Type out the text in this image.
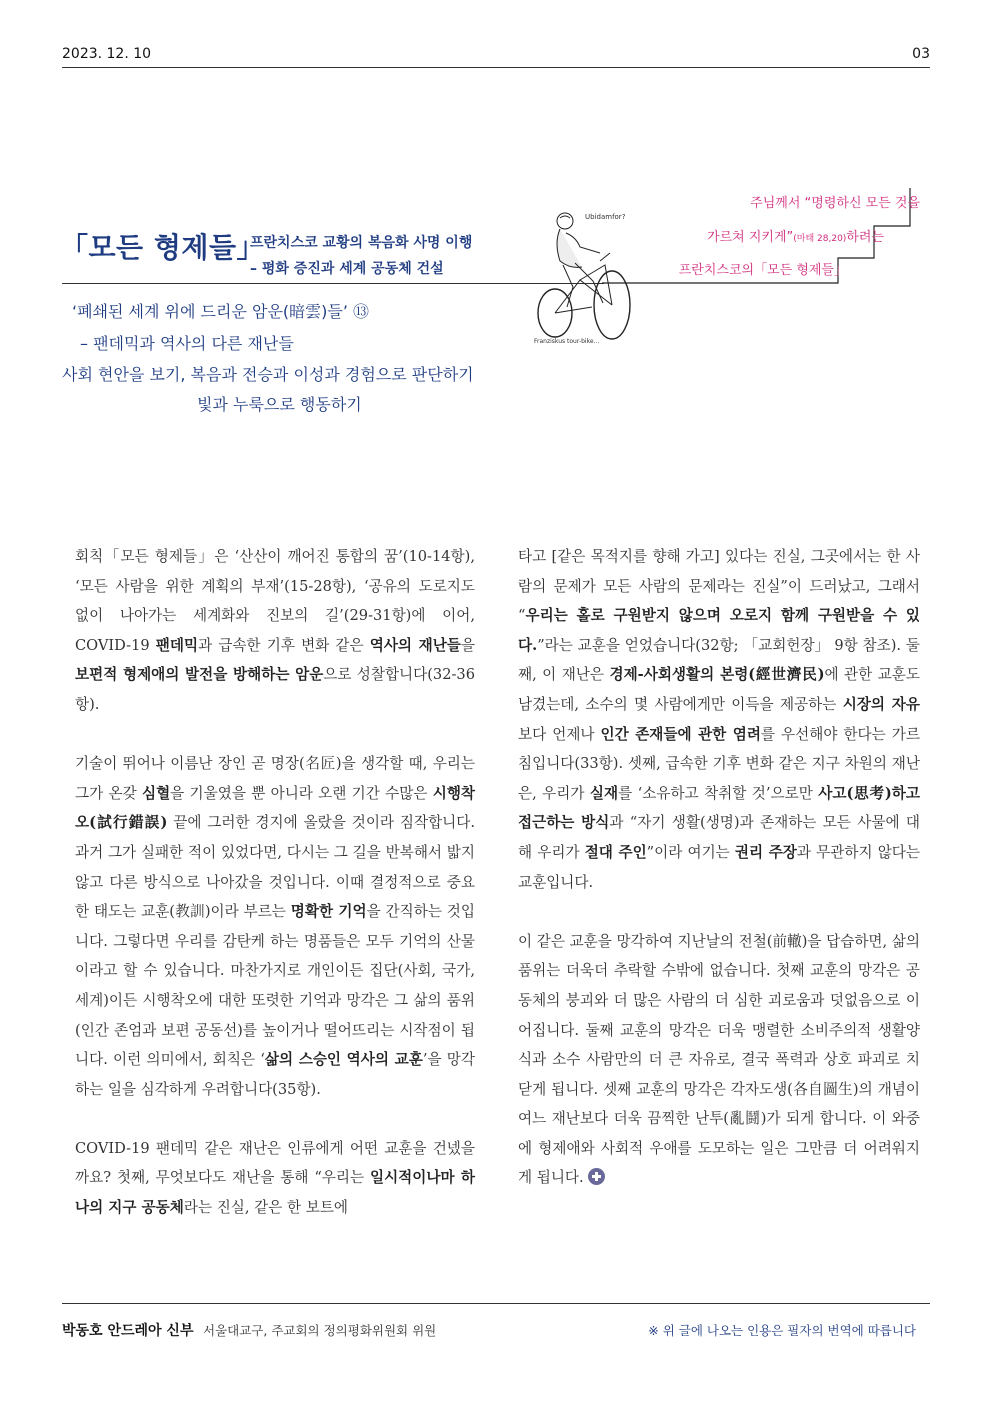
2023. 12. 10	03
「모든 형제들」
프란치스코 교황의 복음화 사명 이행
– 평화 증진과 세계 공동체 건설
주님께서 “명령하신 모든 것을
가르쳐 지키게”(마태 28,20)하려는
프란치스코의「모든 형제들」
Ubidamfor?
Franziskus tour-bike...
‘폐쇄된 세계 위에 드리운 암운(暗雲)들’ ⑬
– 팬데믹과 역사의 다른 재난들
사회 현안을 보기, 복음과 전승과 이성과 경험으로 판단하기
빛과 누룩으로 행동하기

회칙「모든 형제들」은 ‘산산이 깨어진 통합의 꿈’(10-14항), ‘모든 사람을 위한 계획의 부재’(15-28항), ‘공유의 도로지도 없이 나아가는 세계화와 진보의 길’(29-31항)에 이어, COVID-19 팬데믹과 급속한 기후 변화 같은 역사의 재난들을 보편적 형제애의 발전을 방해하는 암운으로 성찰합니다(32-36항).

기술이 뛰어나 이름난 장인 곧 명장(名匠)을 생각할 때, 우리는 그가 온갖 심혈을 기울였을 뿐 아니라 오랜 기간 수많은 시행착오(試行錯誤) 끝에 그러한 경지에 올랐을 것이라 짐작합니다. 과거 그가 실패한 적이 있었다면, 다시는 그 길을 반복해서 밟지 않고 다른 방식으로 나아갔을 것입니다. 이때 결정적으로 중요한 태도는 교훈(教訓)이라 부르는 명확한 기억을 간직하는 것입니다. 그렇다면 우리를 감탄케 하는 명품들은 모두 기억의 산물이라고 할 수 있습니다. 마찬가지로 개인이든 집단(사회, 국가, 세계)이든 시행착오에 대한 또렷한 기억과 망각은 그 삶의 품위(인간 존엄과 보편 공동선)를 높이거나 떨어뜨리는 시작점이 됩니다. 이런 의미에서, 회칙은 ‘삶의 스승인 역사의 교훈’을 망각하는 일을 심각하게 우려합니다(35항).

COVID-19 팬데믹 같은 재난은 인류에게 어떤 교훈을 건넸을까요? 첫째, 무엇보다도 재난을 통해 “우리는 일시적이나마 하나의 지구 공동체라는 진실, 같은 한 보트에

타고 [같은 목적지를 향해 가고] 있다는 진실, 그곳에서는 한 사람의 문제가 모든 사람의 문제라는 진실”이 드러났고, 그래서 “우리는 홀로 구원받지 않으며 오로지 함께 구원받을 수 있다.”라는 교훈을 얻었습니다(32항; 「교회헌장」 9항 참조). 둘째, 이 재난은 경제-사회생활의 본령(經世濟民)에 관한 교훈도 남겼는데, 소수의 몇 사람에게만 이득을 제공하는 시장의 자유보다 언제나 인간 존재들에 관한 염려를 우선해야 한다는 가르침입니다(33항). 셋째, 급속한 기후 변화 같은 지구 차원의 재난은, 우리가 실재를 ‘소유하고 착취할 것’으로만 사고(思考)하고 접근하는 방식과 “자기 생활(생명)과 존재하는 모든 사물에 대해 우리가 절대 주인”이라 여기는 권리 주장과 무관하지 않다는 교훈입니다.

이 같은 교훈을 망각하여 지난날의 전철(前轍)을 답습하면, 삶의 품위는 더욱더 추락할 수밖에 없습니다. 첫째 교훈의 망각은 공동체의 붕괴와 더 많은 사람의 더 심한 괴로움과 덧없음으로 이어집니다. 둘째 교훈의 망각은 더욱 맹렬한 소비주의적 생활양식과 소수 사람만의 더 큰 자유로, 결국 폭력과 상호 파괴로 치닫게 됩니다. 셋째 교훈의 망각은 각자도생(各自圖生)의 개념이 여느 재난보다 더욱 끔찍한 난투(亂鬪)가 되게 합니다. 이 와중에 형제애와 사회적 우애를 도모하는 일은 그만큼 더 어려워지게 됩니다.

박동호 안드레아 신부 서울대교구, 주교회의 정의평화위원회 위원	※ 위 글에 나오는 인용은 필자의 번역에 따릅니다
